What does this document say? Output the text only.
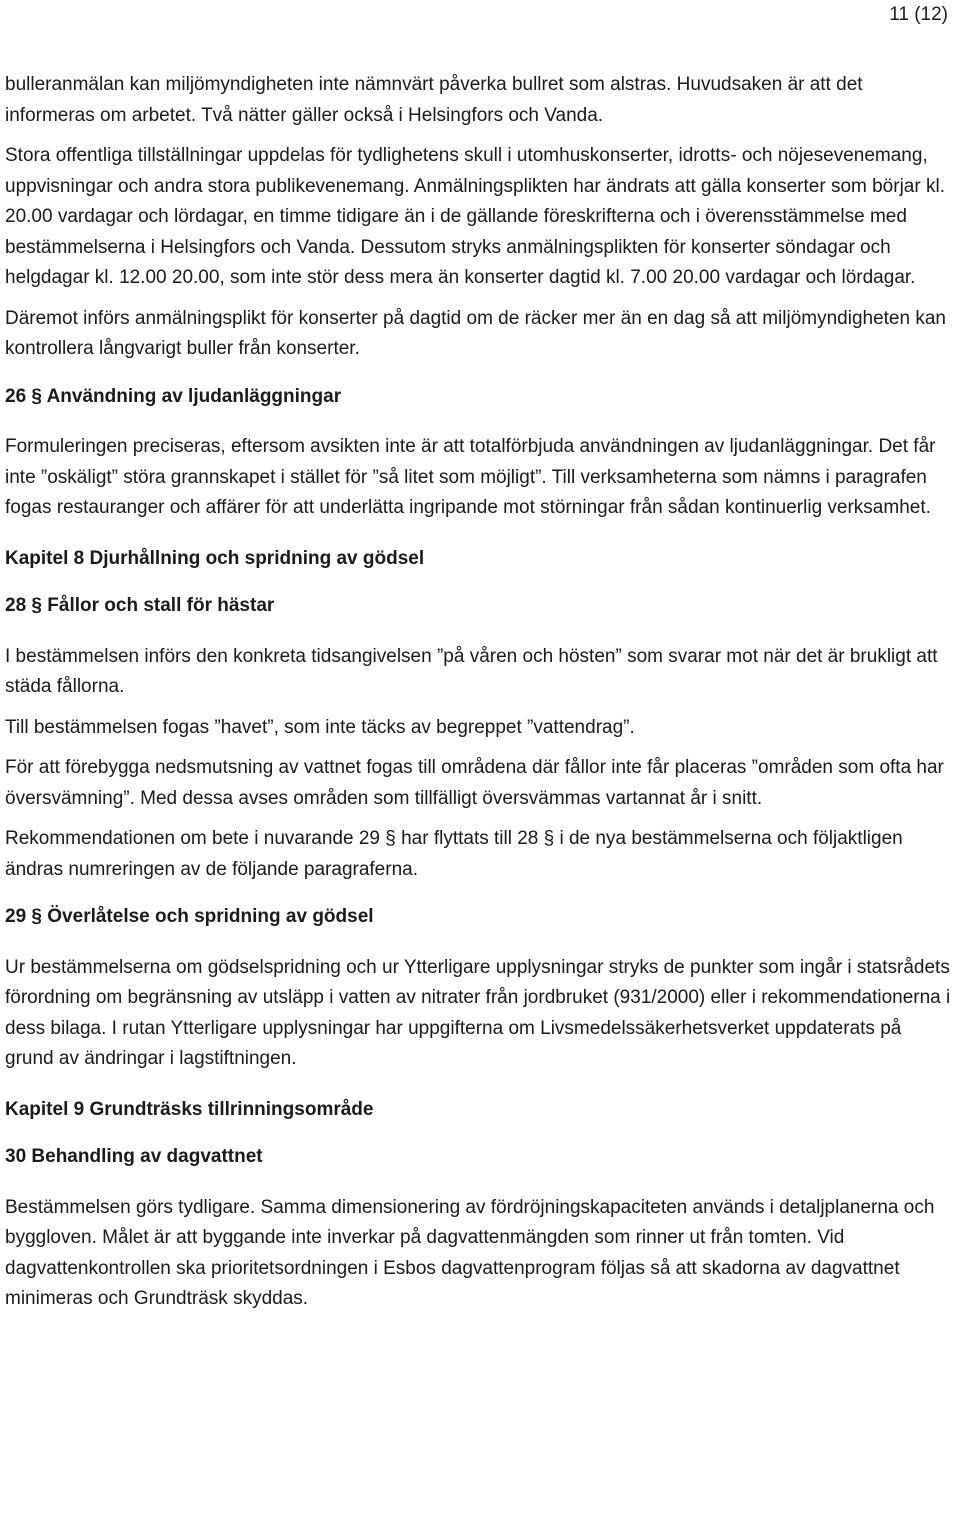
11 (12)

bulleranmälan kan miljömyndigheten inte nämnvärt påverka bullret som alstras. Huvudsaken är att det informeras om arbetet. Två nätter gäller också i Helsingfors och Vanda.

Stora offentliga tillställningar uppdelas för tydlighetens skull i utomhuskonserter, idrotts- och nöjesevenemang, uppvisningar och andra stora publikevenemang. Anmälningsplikten har ändrats att gälla konserter som börjar kl. 20.00 vardagar och lördagar, en timme tidigare än i de gällande föreskrifterna och i överensstämmelse med bestämmelserna i Helsingfors och Vanda. Dessutom stryks anmälningsplikten för konserter söndagar och helgdagar kl. 12.00 20.00, som inte stör dess mera än konserter dagtid kl. 7.00 20.00 vardagar och lördagar.

Däremot införs anmälningsplikt för konserter på dagtid om de räcker mer än en dag så att miljömyndigheten kan kontrollera långvarigt buller från konserter.

26 § Användning av ljudanläggningar

Formuleringen preciseras, eftersom avsikten inte är att totalförbjuda användningen av ljudanläggningar. Det får inte ”oskäligt” störa grannskapet i stället för ”så litet som möjligt”. Till verksamheterna som nämns i paragrafen fogas restauranger och affärer för att underlätta ingripande mot störningar från sådan kontinuerlig verksamhet.

Kapitel 8 Djurhållning och spridning av gödsel
28 § Fållor och stall för hästar

I bestämmelsen införs den konkreta tidsangivelsen ”på våren och hösten” som svarar mot när det är brukligt att städa fållorna.

Till bestämmelsen fogas ”havet”, som inte täcks av begreppet ”vattendrag”.

För att förebygga nedsmutsning av vattnet fogas till områdena där fållor inte får placeras ”områden som ofta har översvämning”. Med dessa avses områden som tillfälligt översvämmas vartannat år i snitt.

Rekommendationen om bete i nuvarande 29 § har flyttats till 28 § i de nya bestämmelserna och följaktligen ändras numreringen av de följande paragraferna.

29 § Överlåtelse och spridning av gödsel

Ur bestämmelserna om gödselspridning och ur Ytterligare upplysningar stryks de punkter som ingår i statsrådets förordning om begränsning av utsläpp i vatten av nitrater från jordbruket (931/2000) eller i rekommendationerna i dess bilaga. I rutan Ytterligare upplysningar har uppgifterna om Livsmedelssäkerhetsverket uppdaterats på grund av ändringar i lagstiftningen.

Kapitel 9 Grundträsks tillrinningsområde
30 Behandling av dagvattnet

Bestämmelsen görs tydligare. Samma dimensionering av fördröjningskapaciteten används i detaljplanerna och byggloven. Målet är att byggande inte inverkar på dagvattenmängden som rinner ut från tomten. Vid dagvattenkontrollen ska prioritetsordningen i Esbos dagvattenprogram följas så att skadorna av dagvattnet minimeras och Grundträsk skyddas.
